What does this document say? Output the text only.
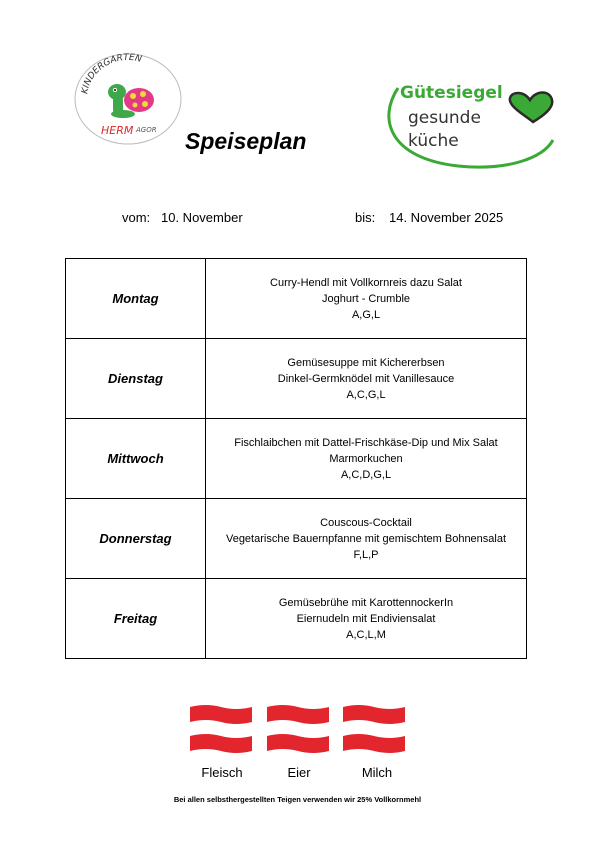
KINDERGARTEN
HERM AGOR Speiseplan
Gütesiegel
gesunde
küche
vom: 10. November	bis: 14. November 2025
Montag	Curry-Hendl mit Vollkornreis dazu Salat
Joghurt - Crumble
A,G,L

Dienstag	Gemüsesuppe mit Kichererbsen
Dinkel-Germknödel mit Vanillesauce
A,C,G,L

Mittwoch	Fischlaibchen mit Dattel-Frischkäse-Dip und Mix Salat
Marmorkuchen
A,C,D,G,L

Donnerstag	Couscous-Cocktail
Vegetarische Bauernpfanne mit gemischtem Bohnensalat
F,L,P

Freitag	Gemüsebrühe mit KarottennockerIn
Eiernudeln mit Endiviensalat
A,C,L,M
Fleisch	Eier	Milch
Bei allen selbsthergestellten Teigen verwenden wir 25% Vollkornmehl
